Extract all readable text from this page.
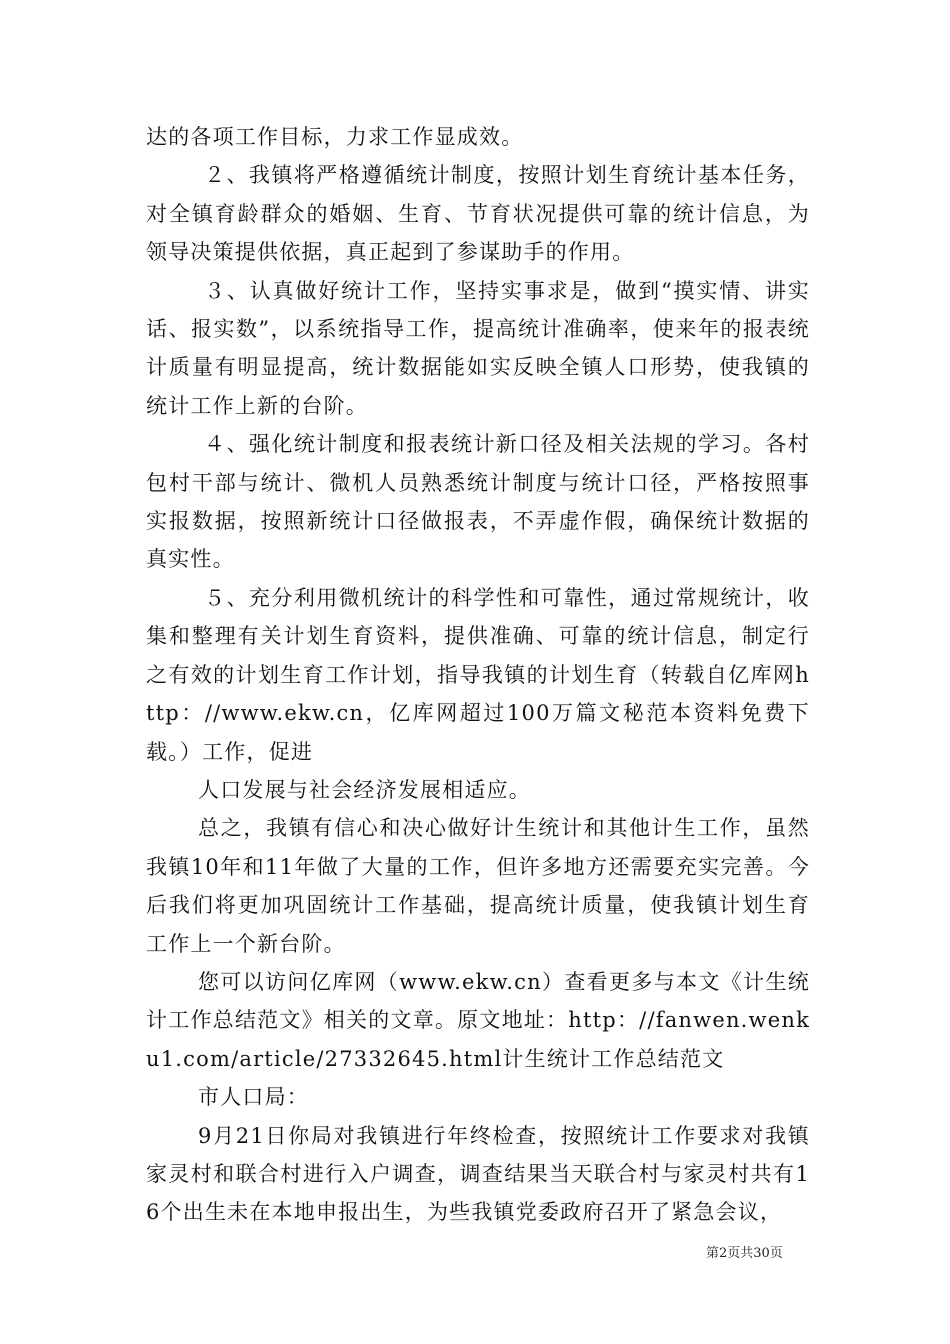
达的各项工作目标，力求工作显成效。

２、我镇将严格遵循统计制度，按照计划生育统计基本任务，对全镇育龄群众的婚姻、生育、节育状况提供可靠的统计信息，为领导决策提供依据，真正起到了参谋助手的作用。

３、认真做好统计工作，坚持实事求是，做到“摸实情、讲实话、报实数”，以系统指导工作，提高统计准确率，使来年的报表统计质量有明显提高，统计数据能如实反映全镇人口形势，使我镇的统计工作上新的台阶。

４、强化统计制度和报表统计新口径及相关法规的学习。各村包村干部与统计、微机人员熟悉统计制度与统计口径，严格按照事实报数据，按照新统计口径做报表，不弄虚作假，确保统计数据的真实性。

５、充分利用微机统计的科学性和可靠性，通过常规统计，收集和整理有关计划生育资料，提供准确、可靠的统计信息，制定行之有效的计划生育工作计划，指导我镇的计划生育（转载自亿库网http：//www.ekw.cn，亿库网超过100万篇文秘范本资料免费下载。）工作，促进

人口发展与社会经济发展相适应。

总之，我镇有信心和决心做好计生统计和其他计生工作，虽然我镇10年和11年做了大量的工作，但许多地方还需要充实完善。今后我们将更加巩固统计工作基础，提高统计质量，使我镇计划生育工作上一个新台阶。

您可以访问亿库网（www.ekw.cn）查看更多与本文《计生统计工作总结范文》相关的文章。原文地址：http：//fanwen.wenku1.com/article/27332645.html计生统计工作总结范文

市人口局：

9月21日你局对我镇进行年终检查，按照统计工作要求对我镇家灵村和联合村进行入户调查，调查结果当天联合村与家灵村共有16个出生未在本地申报出生，为些我镇党委政府召开了紧急会议，

第2页共30页
